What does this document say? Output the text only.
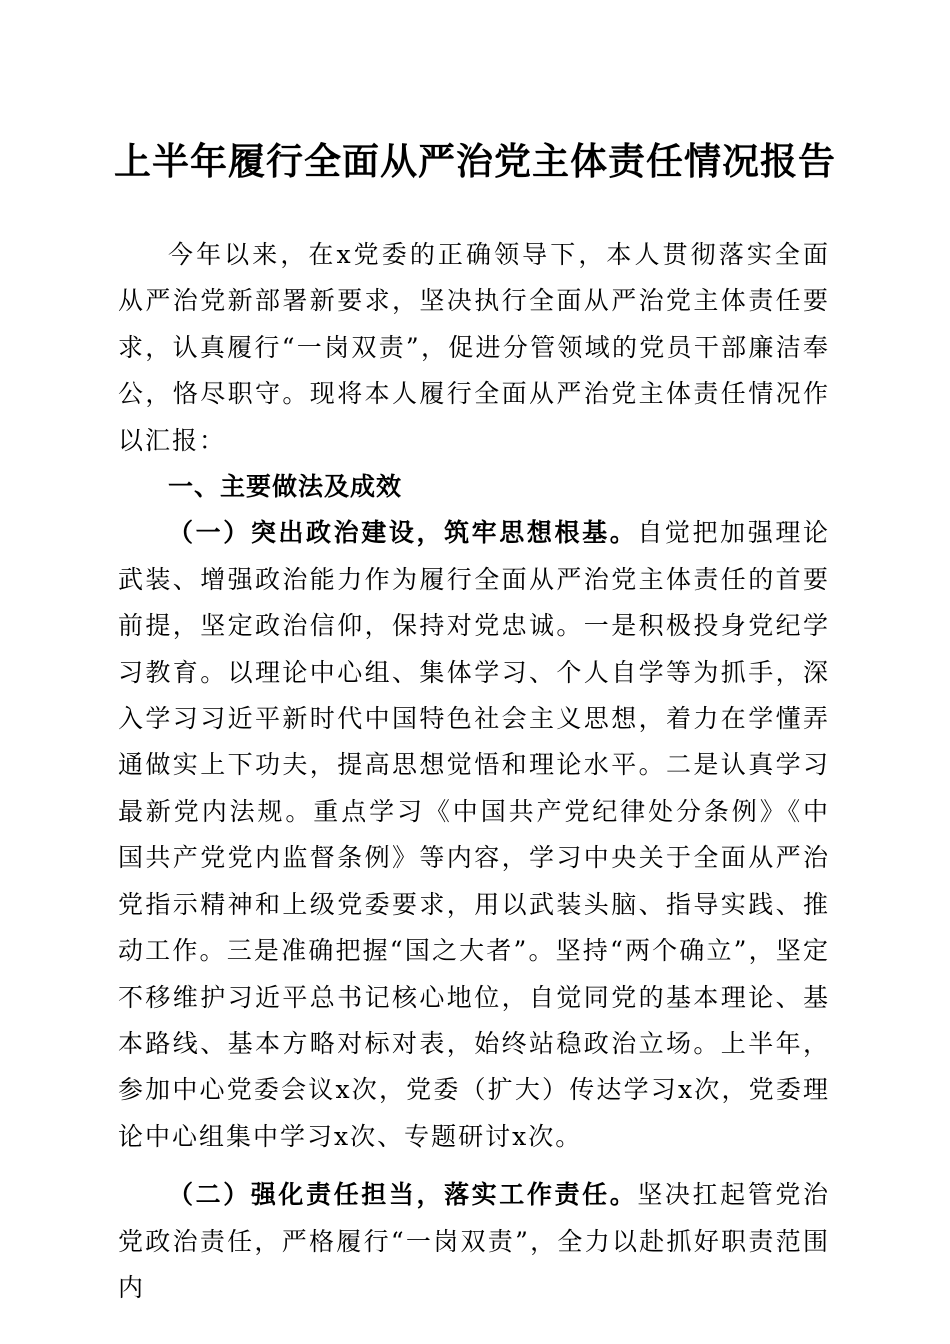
上半年履行全面从严治党主体责任情况报告

今年以来，在x党委的正确领导下，本人贯彻落实全面从严治党新部署新要求，坚决执行全面从严治党主体责任要求，认真履行“一岗双责”，促进分管领域的党员干部廉洁奉公，恪尽职守。现将本人履行全面从严治党主体责任情况作以汇报：

一、主要做法及成效

（一）突出政治建设，筑牢思想根基。自觉把加强理论武装、增强政治能力作为履行全面从严治党主体责任的首要前提，坚定政治信仰，保持对党忠诚。一是积极投身党纪学习教育。以理论中心组、集体学习、个人自学等为抓手，深入学习习近平新时代中国特色社会主义思想，着力在学懂弄通做实上下功夫，提高思想觉悟和理论水平。二是认真学习最新党内法规。重点学习《中国共产党纪律处分条例》《中国共产党党内监督条例》等内容，学习中央关于全面从严治党指示精神和上级党委要求，用以武装头脑、指导实践、推动工作。三是准确把握“国之大者”。坚持“两个确立”，坚定不移维护习近平总书记核心地位，自觉同党的基本理论、基本路线、基本方略对标对表，始终站稳政治立场。上半年，参加中心党委会议x次，党委（扩大）传达学习x次，党委理论中心组集中学习x次、专题研讨x次。

（二）强化责任担当，落实工作责任。坚决扛起管党治党政治责任，严格履行“一岗双责”，全力以赴抓好职责范围内
